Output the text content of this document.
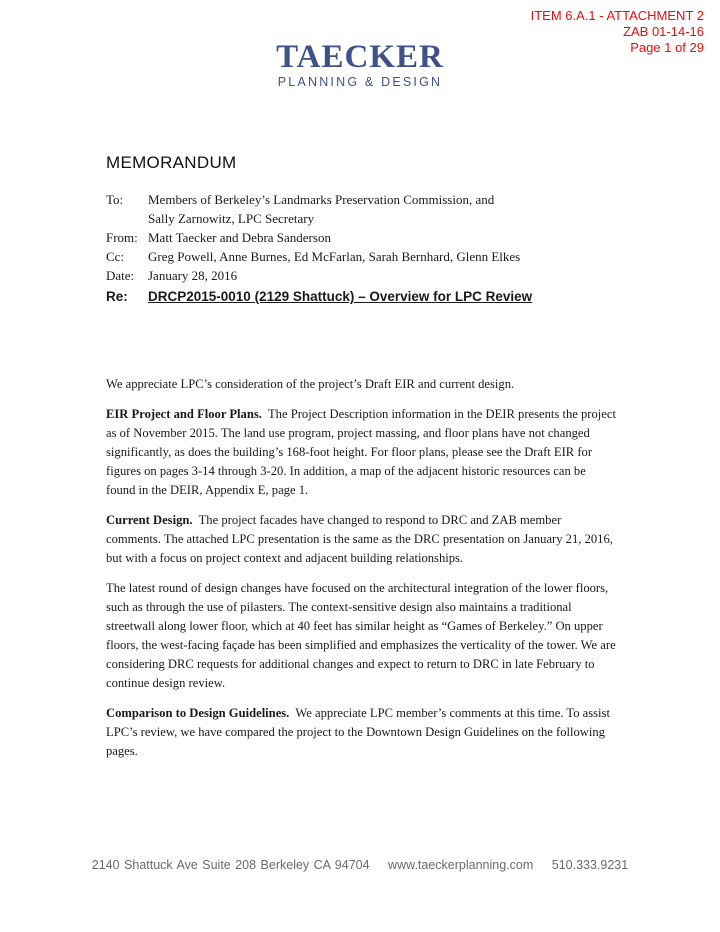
ITEM 6.A.1 - ATTACHMENT 2
ZAB 01-14-16
Page 1 of 29
TAECKER
PLANNING & DESIGN
MEMORANDUM
To:	Members of Berkeley’s Landmarks Preservation Commission, and
Sally Zarnowitz, LPC Secretary
From: Matt Taecker and Debra Sanderson
Cc:	Greg Powell, Anne Burnes, Ed McFarlan, Sarah Bernhard, Glenn Elkes
Date:	January 28, 2016
Re:	DRCP2015-0010 (2129 Shattuck) – Overview for LPC Review

We appreciate LPC’s consideration of the project’s Draft EIR and current design.

EIR Project and Floor Plans. The Project Description information in the DEIR presents the project as of November 2015. The land use program, project massing, and floor plans have not changed significantly, as does the building’s 168-foot height. For floor plans, please see the Draft EIR for figures on pages 3-14 through 3-20. In addition, a map of the adjacent historic resources can be found in the DEIR, Appendix E, page 1.

Current Design. The project facades have changed to respond to DRC and ZAB member comments. The attached LPC presentation is the same as the DRC presentation on January 21, 2016, but with a focus on project context and adjacent building relationships.

The latest round of design changes have focused on the architectural integration of the lower floors, such as through the use of pilasters. The context-sensitive design also maintains a traditional streetwall along lower floor, which at 40 feet has similar height as “Games of Berkeley.” On upper floors, the west-facing façade has been simplified and emphasizes the verticality of the tower. We are considering DRC requests for additional changes and expect to return to DRC in late February to continue design review.

Comparison to Design Guidelines. We appreciate LPC member’s comments at this time. To assist LPC’s review, we have compared the project to the Downtown Design Guidelines on the following pages.

2140 Shattuck Ave Suite 208 Berkeley CA 94704 www.taeckerplanning.com 510.333.9231
